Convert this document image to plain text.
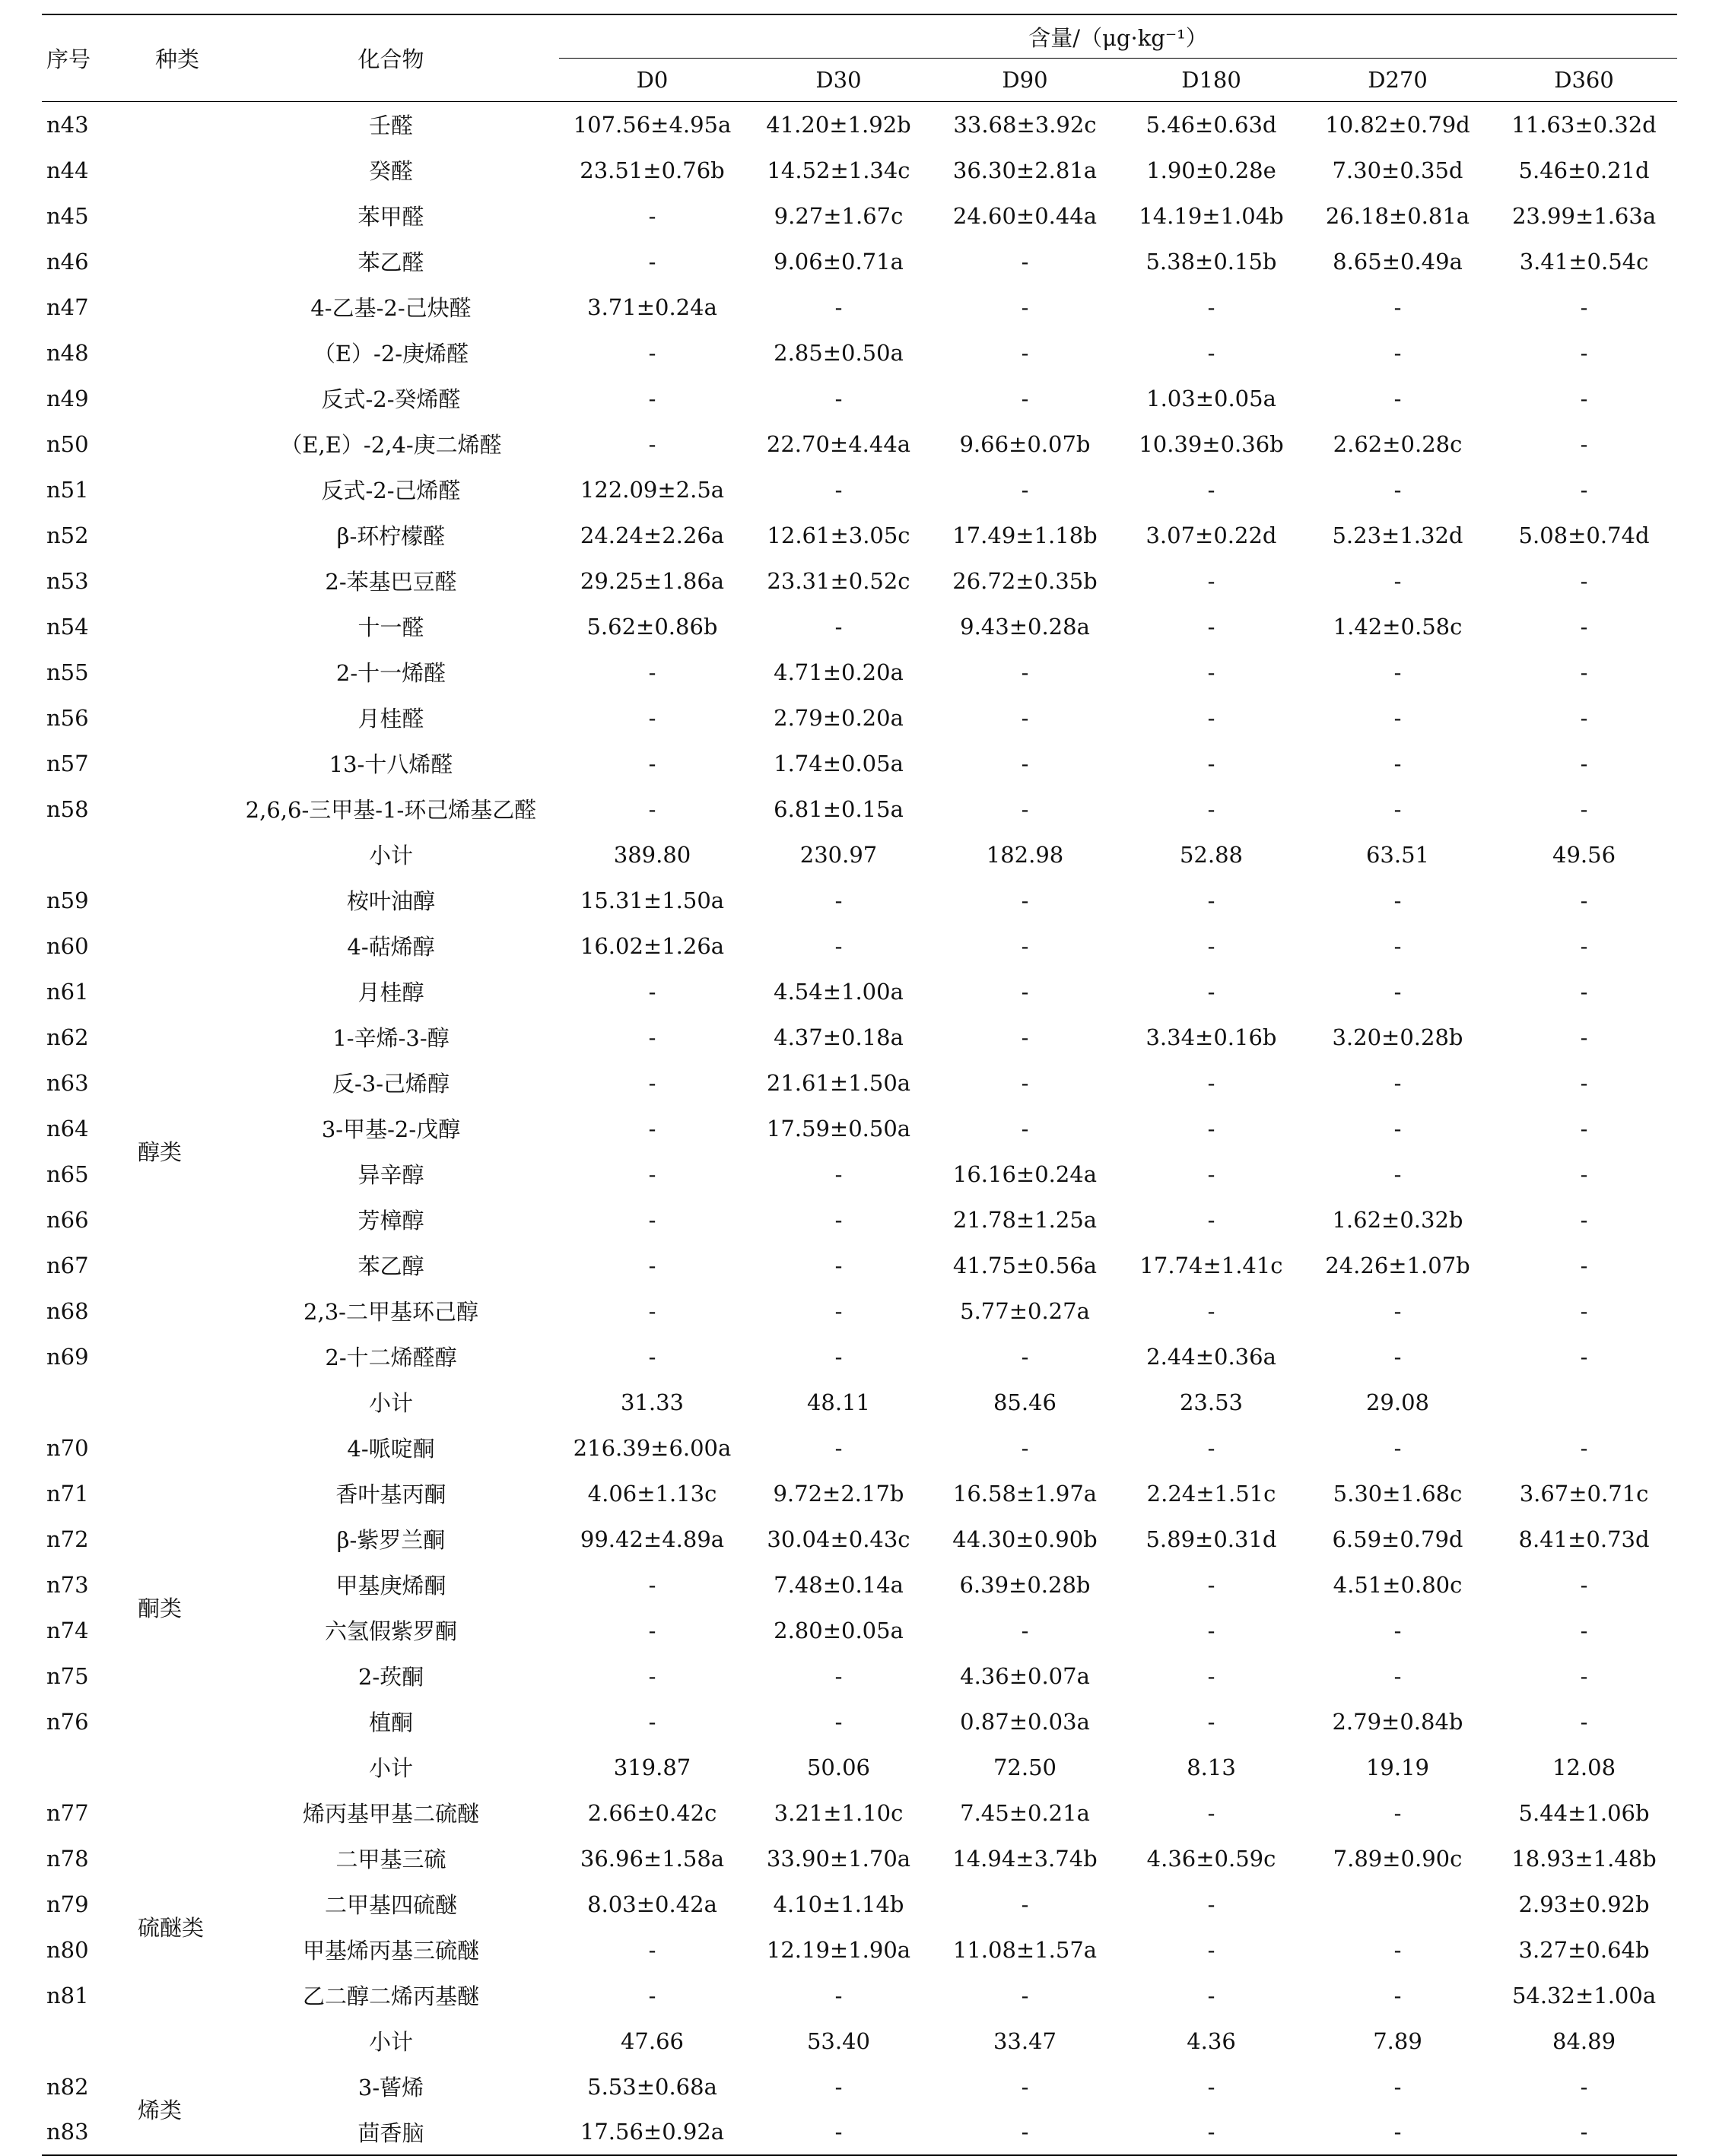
序号	种类	化合物	含量/（μg·kg⁻¹）					
			D0	D30	D90	D180	D270	D360
n43		壬醛	107.56±4.95a	41.20±1.92b	33.68±3.92c	5.46±0.63d	10.82±0.79d	11.63±0.32d
n44		癸醛	23.51±0.76b	14.52±1.34c	36.30±2.81a	1.90±0.28e	7.30±0.35d	5.46±0.21d
n45		苯甲醛	-	9.27±1.67c	24.60±0.44a	14.19±1.04b	26.18±0.81a	23.99±1.63a
n46		苯乙醛	-	9.06±0.71a	-	5.38±0.15b	8.65±0.49a	3.41±0.54c
n47		4-乙基-2-己炔醛	3.71±0.24a	-	-	-	-	-
n48		（E）-2-庚烯醛	-	2.85±0.50a	-	-	-	-
n49		反式-2-癸烯醛	-	-	-	1.03±0.05a	-	-
n50		（E,E）-2,4-庚二烯醛	-	22.70±4.44a	9.66±0.07b	10.39±0.36b	2.62±0.28c	-
n51		反式-2-己烯醛	122.09±2.5a	-	-	-	-	-
n52		β-环柠檬醛	24.24±2.26a	12.61±3.05c	17.49±1.18b	3.07±0.22d	5.23±1.32d	5.08±0.74d
n53		2-苯基巴豆醛	29.25±1.86a	23.31±0.52c	26.72±0.35b	-	-	-
n54		十一醛	5.62±0.86b	-	9.43±0.28a	-	1.42±0.58c	-
n55		2-十一烯醛	-	4.71±0.20a	-	-	-	-
n56		月桂醛	-	2.79±0.20a	-	-	-	-
n57		13-十八烯醛	-	1.74±0.05a	-	-	-	-
n58		2,6,6-三甲基-1-环己烯基乙醛	-	6.81±0.15a	-	-	-	-
		小计	389.80	230.97	182.98	52.88	63.51	49.56
n59	醇类	桉叶油醇	15.31±1.50a	-	-	-	-	-
n60		4-萜烯醇	16.02±1.26a	-	-	-	-	-
n61		月桂醇	-	4.54±1.00a	-	-	-	-
n62		1-辛烯-3-醇	-	4.37±0.18a	-	3.34±0.16b	3.20±0.28b	-
n63		反-3-己烯醇	-	21.61±1.50a	-	-	-	-
n64		3-甲基-2-戊醇	-	17.59±0.50a	-	-	-	-
n65		异辛醇	-	-	16.16±0.24a	-	-	-
n66		芳樟醇	-	-	21.78±1.25a	-	1.62±0.32b	-
n67		苯乙醇	-	-	41.75±0.56a	17.74±1.41c	24.26±1.07b	-
n68		2,3-二甲基环己醇	-	-	5.77±0.27a	-	-	-
n69		2-十二烯醛醇	-	-	-	2.44±0.36a	-	-
		小计	31.33	48.11	85.46	23.53	29.08	
n70	酮类	4-哌啶酮	216.39±6.00a	-	-	-	-	-
n71		香叶基丙酮	4.06±1.13c	9.72±2.17b	16.58±1.97a	2.24±1.51c	5.30±1.68c	3.67±0.71c
n72		β-紫罗兰酮	99.42±4.89a	30.04±0.43c	44.30±0.90b	5.89±0.31d	6.59±0.79d	8.41±0.73d
n73		甲基庚烯酮	-	7.48±0.14a	6.39±0.28b	-	4.51±0.80c	-
n74		六氢假紫罗酮	-	2.80±0.05a	-	-	-	-
n75		2-莰酮	-	-	4.36±0.07a	-	-	-
n76		植酮	-	-	0.87±0.03a	-	2.79±0.84b	-
		小计	319.87	50.06	72.50	8.13	19.19	12.08
n77	硫醚类	烯丙基甲基二硫醚	2.66±0.42c	3.21±1.10c	7.45±0.21a	-	-	5.44±1.06b
n78		二甲基三硫	36.96±1.58a	33.90±1.70a	14.94±3.74b	4.36±0.59c	7.89±0.90c	18.93±1.48b
n79		二甲基四硫醚	8.03±0.42a	4.10±1.14b	-	-		2.93±0.92b
n80		甲基烯丙基三硫醚	-	12.19±1.90a	11.08±1.57a	-	-	3.27±0.64b
n81		乙二醇二烯丙基醚	-	-	-	-	-	54.32±1.00a
		小计	47.66	53.40	33.47	4.36	7.89	84.89
n82	烯类	3-蒈烯	5.53±0.68a	-	-	-	-	-
n83		茴香脑	17.56±0.92a	-	-	-	-	-
